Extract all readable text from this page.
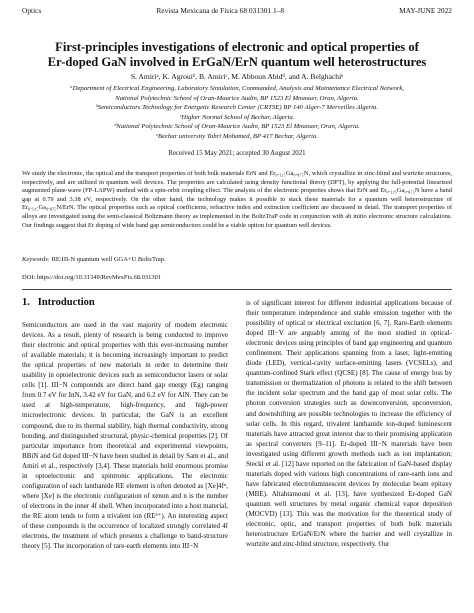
Optics	Revista Mexicana de Física 68 031301 1–8	MAY-JUNE 2022
First-principles investigations of electronic and optical properties of
Er-doped GaN involved in ErGaN/ErN quantum well heterostructures
S. Amiriᵃ, K. Agrouiᵇ, B. Amiriᶜ, M. Abboun Abidᵈ, and A. Belghachiᵉ
ᵃDepartment of Electrical Engineering, Laboratory Simulation, Commanded, Analysis and Maintenance Electrical Network,
National Polytechnic School of Oran-Maurice Audin, BP 1523 El Mnaouer, Oran, Algeria.
ᵇSemiconductors Technology for Energetic Research Center (CRTSE) BP 140 Alger-7 Merveilles Algeria.
ᶜHigher Normal School of Bechar, Algeria.
ᵈNational Polytechnic School of Oran-Maurice Audin, BP 1523 El Mnaouer, Oran, Algeria.
ᵉBechar university Tahri Mohamed, BP 417 Bechar, Algeria.
Received 15 May 2021; accepted 30 August 2021
We study the electronic, the optical and the transport properties of both bulk materials ErN and Er₀.₁₂₅Ga₀.₈₇₅N, which crystallize in zinc-blind and wurtzite structures, respectively, and are utilized in quantum well devices. The properties are calculated using density functional theory (DFT), by applying the full-potential linearized augmented plane-wave (FP-LAPW) method with a spin-orbit coupling effect. The analysis of the electronic properties shows that ErN and Er₀.₁₂₅Ga₀.₈₇₅N have a band gap at 0.79 and 3.38 eV, respectively. On the other hand, the technology makes it possible to stack these materials for a quantum well heterostructure of Er₀.₁₂₅Ga₀.₈₇₅N/ErN. The optical properties such as optical coefficients, refractive index and extinction coefficient are discussed in detail. The transport properties of alloys are investigated using the semi-classical Boltzmann theory as implemented in the BoltzTraP code in conjunction with ab initio electronic structure calculations. Our findings suggest that Er doping of wide band gap semiconductors could be a viable option for quantum well devices.
Keywords: RE:III-N quantum well GGA+U BoltzTrap.
DOI: https://doi.org/10.31349/RevMexFis.68.031301
1. Introduction

Semiconductors are used in the vast majority of modern electronic devices. As a result, plenty of research is being conducted to improve their electronic and optical properties with this ever-increasing number of available materials; it is becoming increasingly important to predict the optical properties of new materials in order to determine their usability in optoelectronic devices such as semiconductor lasers or solar cells [1]. III−N compounds are direct band gap energy (Eg) ranging from 0.7 eV for InN, 3.42 eV for GaN, and 6.2 eV for AlN. They can be used at high-temperature, high-frequency, and high-power microelectronic devices. In particular, the GaN is an excellent compound, due to its thermal stability, high thermal conductivity, strong bonding, and distinguished structural, physic-chemical properties [2]. Of particular importance from theoretical and experimental viewpoints, BBiN and Gd doped III−N have been studied in detail by Sam et al., and Amiri et al., respectively [3,4]. These materials hold enormous promise in optoelectronic and spintronic applications. The electronic configuration of each lanthanide RE element is often denoted as [Xe]4fⁿ, where [Xe] is the electronic configuration of xenon and n is the number of electrons in the inner 4f shell. When incorporated into a host material, the RE atom tends to form a trivalent ion (RE³⁺). An interesting aspect of these compounds is the occurrence of localized strongly correlated 4f electrons, the treatment of which presents a challenge to band-structure theory [5]. The incorporation of rare-earth elements into III−N

is of significant interest for different industrial applications because of their temperature independence and stable emission together with the possibility of optical or electrical excitation [6, 7]. Rare-Earth elements doped III−V are arguably among of the most studied in optical-electronic devices using principles of band gap engineering and quantum confinement. Their applications spanning from a laser, light-emitting diode (LED), vertical-cavity surface-emitting lasers (VCSELs), and quantum-confined Stark effect (QCSE) [8]. The cause of energy loss by transmission or thermalization of photons is related to the shift between the incident solar spectrum and the band gap of most solar cells. The photon conversion strategies such as downconversion, upconversion, and downshifting are possible technologies to increase the efficiency of solar cells. In this regard, trivalent lanthanide ion-doped luminescent materials have attracted great interest due to their promising application as spectral converters [9–11]. Er-doped III−N materials have been investigated using different growth methods such as ion implantation; Steckl et al. [12] have reported on the fabrication of GaN-based display materials doped with various high concentrations of rare-earth ions and have fabricated electroluminescent devices by molecular beam epitaxy (MBE). Altahtamouni et al. [13], have synthesized Er-doped GaN quantum well structures by metal organic chemical vapor deposition (MOCVD) [13]. This was the motivation for the theoretical study of electronic, optic, and transport properties of both bulk materials heterostructure ErGaN/ErN where the barrier and well crystallize in wurtzite and zinc-blind structure, respectively. Our
